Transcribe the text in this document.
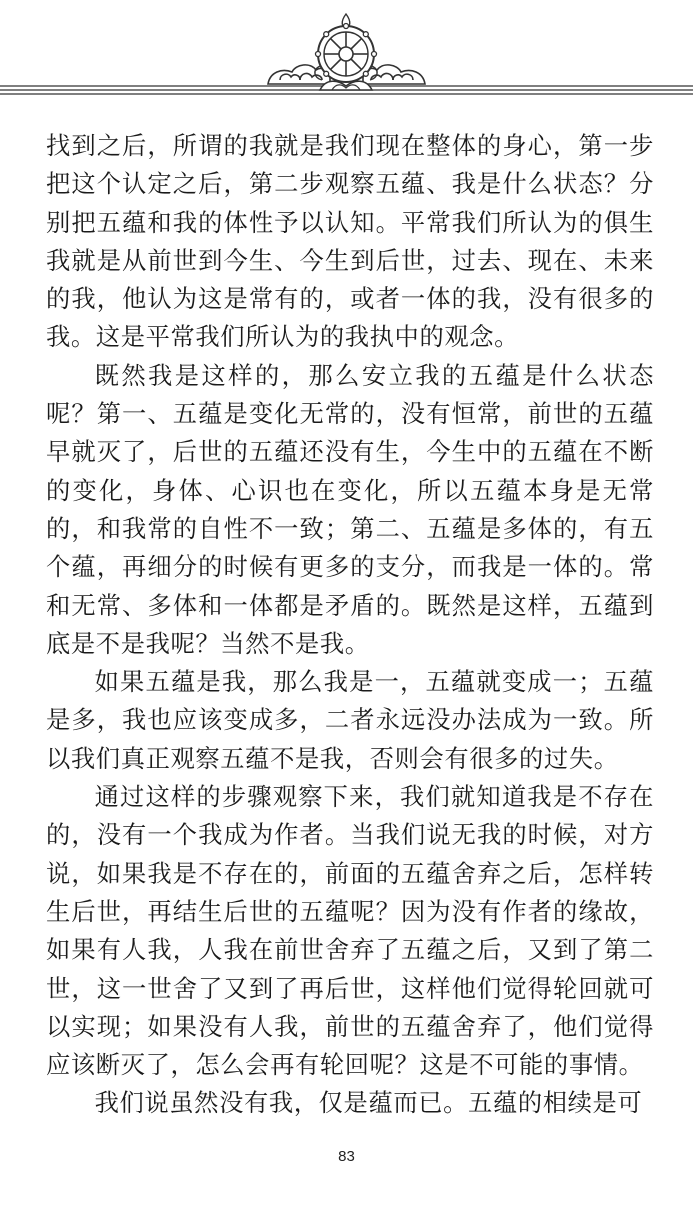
找到之后，所谓的我就是我们现在整体的身心，第一步把这个认定之后，第二步观察五蕴、我是什么状态？分别把五蕴和我的体性予以认知。平常我们所认为的俱生我就是从前世到今生、今生到后世，过去、现在、未来的我，他认为这是常有的，或者一体的我，没有很多的我。这是平常我们所认为的我执中的观念。

既然我是这样的，那么安立我的五蕴是什么状态呢？第一、五蕴是变化无常的，没有恒常，前世的五蕴早就灭了，后世的五蕴还没有生，今生中的五蕴在不断的变化，身体、心识也在变化，所以五蕴本身是无常的，和我常的自性不一致；第二、五蕴是多体的，有五个蕴，再细分的时候有更多的支分，而我是一体的。常和无常、多体和一体都是矛盾的。既然是这样，五蕴到底是不是我呢？当然不是我。

如果五蕴是我，那么我是一，五蕴就变成一；五蕴是多，我也应该变成多，二者永远没办法成为一致。所以我们真正观察五蕴不是我，否则会有很多的过失。

通过这样的步骤观察下来，我们就知道我是不存在的，没有一个我成为作者。当我们说无我的时候，对方说，如果我是不存在的，前面的五蕴舍弃之后，怎样转生后世，再结生后世的五蕴呢？因为没有作者的缘故，如果有人我，人我在前世舍弃了五蕴之后，又到了第二世，这一世舍了又到了再后世，这样他们觉得轮回就可以实现；如果没有人我，前世的五蕴舍弃了，他们觉得应该断灭了，怎么会再有轮回呢？这是不可能的事情。

我们说虽然没有我，仅是蕴而已。五蕴的相续是可

83
